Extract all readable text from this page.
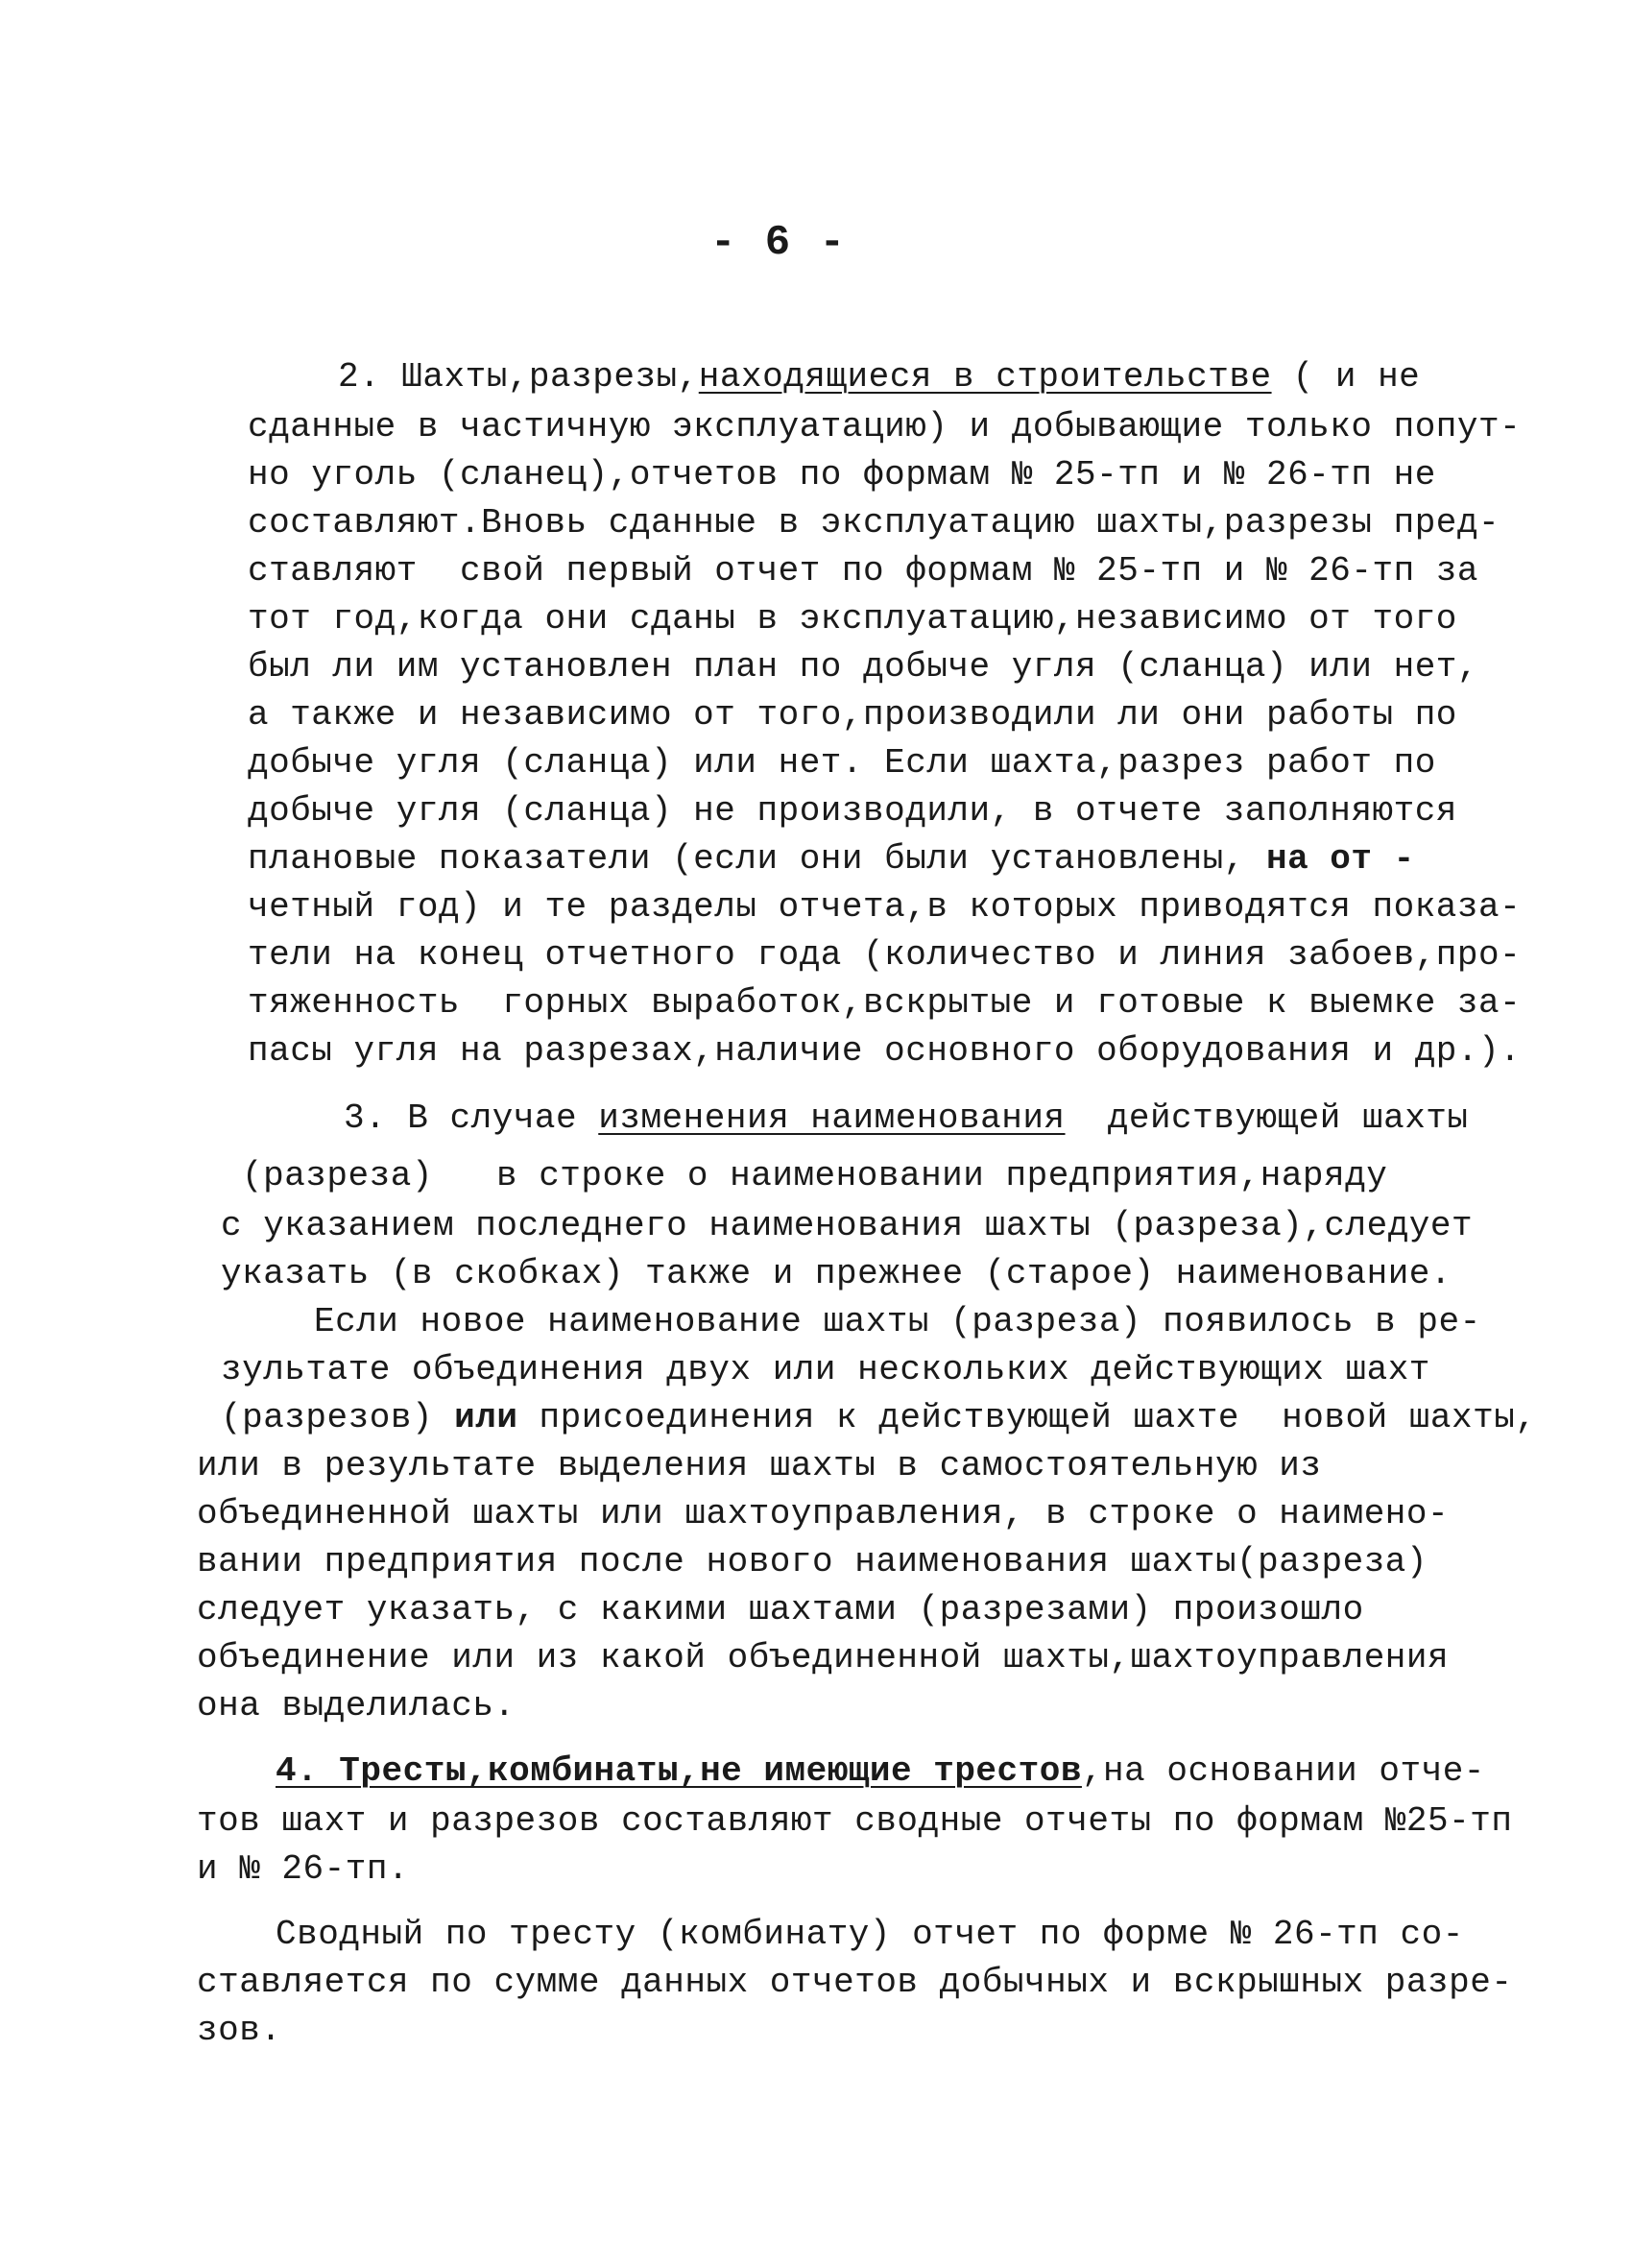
- 6 -
2. Шахты,разрезы,находящиеся в строительстве ( и не
сданные в частичную эксплуатацию) и добывающие только попут-
но уголь (сланец),отчетов по формам № 25-тп и № 26-тп не
составляют.Вновь сданные в эксплуатацию шахты,разрезы пред-
ставляют  свой первый отчет по формам № 25-тп и № 26-тп за
тот год,когда они сданы в эксплуатацию,независимо от того
был ли им установлен план по добыче угля (сланца) или нет,
а также и независимо от того,производили ли они работы по
добыче угля (сланца) или нет. Если шахта,разрез работ по
добыче угля (сланца) не производили, в отчете заполняются
плановые показатели (если они были установлены, на от -
четный год) и те разделы отчета,в которых приводятся показа-
тели на конец отчетного года (количество и линия забоев,про-
тяженность  горных выработок,вскрытые и готовые к выемке за-
пасы угля на разрезах,наличие основного оборудования и др.).
3. В случае изменения наименования  действующей шахты
(разреза) в строке о наименовании предприятия,наряду
с указанием последнего наименования шахты (разреза),следует
указать (в скобках) также и прежнее (старое) наименование.
Если новое наименование шахты (разреза) появилось в ре-
зультате объединения двух или нескольких действующих шахт
(разрезов) или присоединения к действующей шахте  новой шахты,
или в результате выделения шахты в самостоятельную из
объединенной шахты или шахтоуправления, в строке о наимено-
вании предприятия после нового наименования шахты(разреза)
следует указать, с какими шахтами (разрезами) произошло
объединение или из какой объединенной шахты,шахтоуправления
она выделилась.
4. Тресты,комбинаты,не имеющие трестов,на основании отче-
тов шахт и разрезов составляют сводные отчеты по формам №25-тп
и № 26-тп.
Сводный по тресту (комбинату) отчет по форме № 26-тп со-
ставляется по сумме данных отчетов добычных и вскрышных разре-
зов.
